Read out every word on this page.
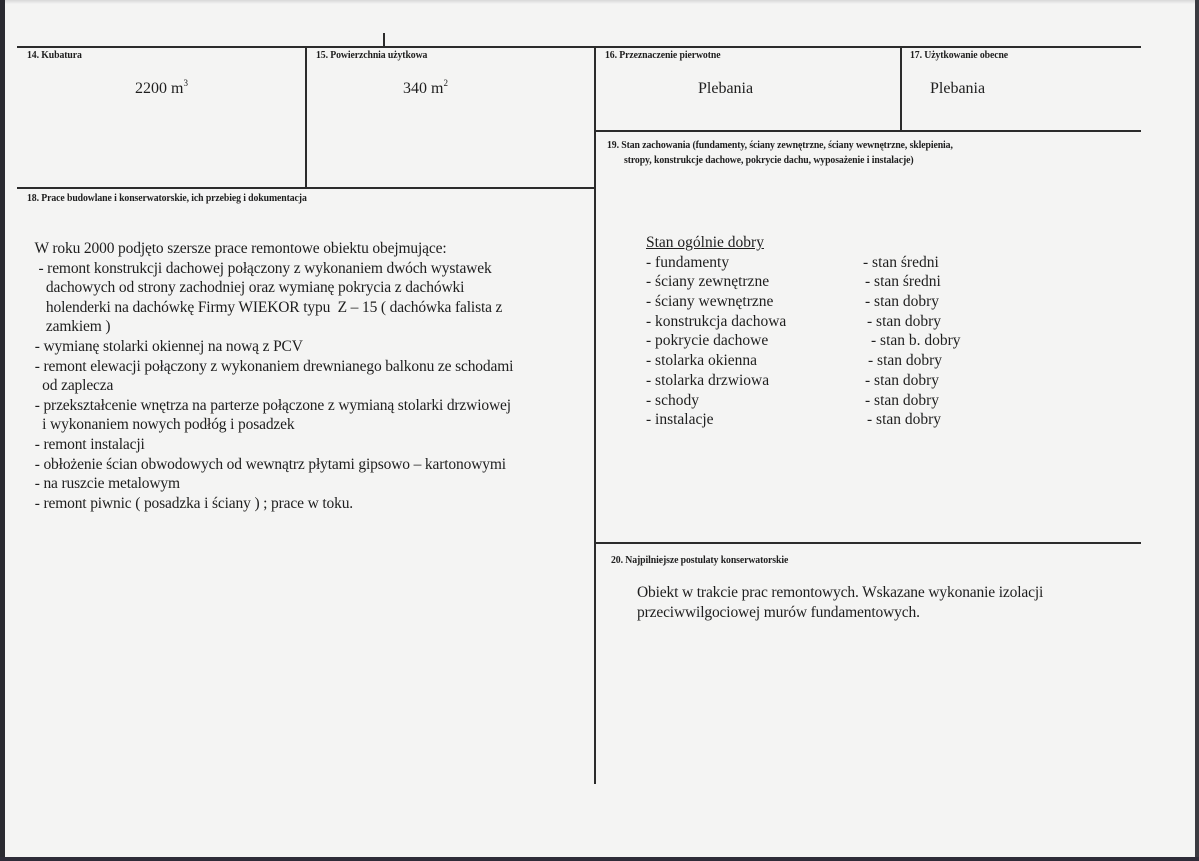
14. Kubatura
2200 $m^3$
15. Powierzchnia użytkowa
340 $m^2$
16. Przeznaczenie pierwotne
Plebania
17. Użytkowanie obecne
Plebania
18. Prace budowlane i konserwatorskie, ich przebieg i dokumentacja
W roku 2000 podjęto szersze prace remontowe obiektu obejmujące:
- remont konstrukcji dachowej połączony z wykonaniem dwóch wystawek
dachowych od strony zachodniej oraz wymianę pokrycia z dachówki
holenderki na dachówkę Firmy WIEKOR typu  Z – 15 ( dachówka falista z
zamkiem )
- wymianę stolarki okiennej na nową z PCV
- remont elewacji połączony z wykonaniem drewnianego balkonu ze schodami
od zaplecza
- przekształcenie wnętrza na parterze połączone z wymianą stolarki drzwiowej
i wykonaniem nowych podłóg i posadzek
- remont instalacji
- obłożenie ścian obwodowych od wewnątrz płytami gipsowo – kartonowymi
- na ruszcie metalowym
- remont piwnic ( posadzka i ściany ) ; prace w toku.
19. Stan zachowania (fundamenty, ściany zewnętrzne, ściany wewnętrzne, sklepienia,
stropy, konstrukcje dachowe, pokrycie dachu, wyposażenie i instalacje)
Stan ogólnie dobry
- fundamenty	- stan średni
- ściany zewnętrzne	- stan średni
- ściany wewnętrzne	- stan dobry
- konstrukcja dachowa	- stan dobry
- pokrycie dachowe	- stan b. dobry
- stolarka okienna	- stan dobry
- stolarka drzwiowa	- stan dobry
- schody	- stan dobry
- instalacje	- stan dobry
20. Najpilniejsze postulaty konserwatorskie
Obiekt w trakcie prac remontowych. Wskazane wykonanie izolacji
przeciwwilgociowej murów fundamentowych.
